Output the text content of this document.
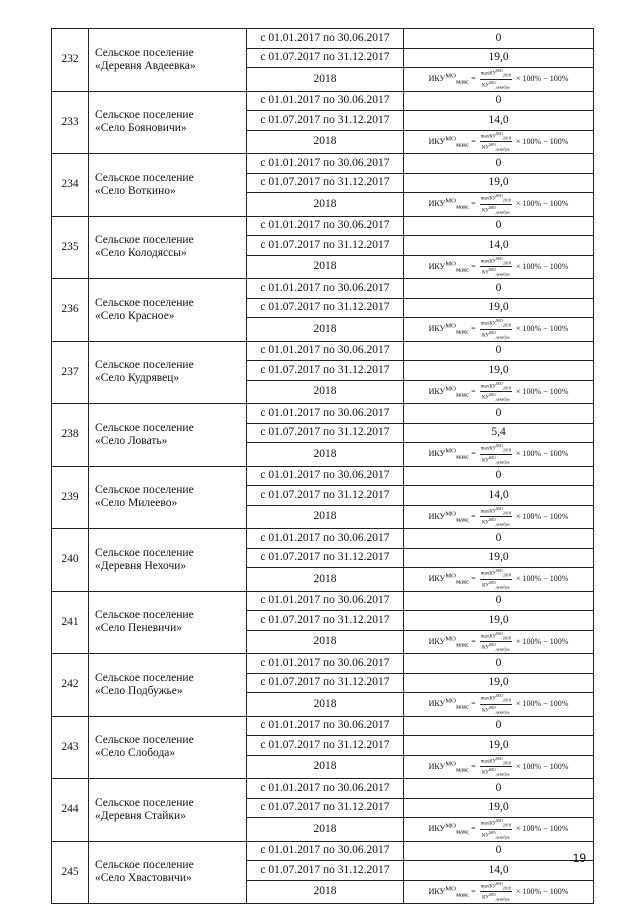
232	Сельское поселение
«Деревня Авдеевка»	с 01.01.2017 по 30.06.2017	0
		с 01.07.2017 по 31.12.2017	19,0
		2018	$ИКУ^{МО}_{макс} = \frac{\max КУ^{МО}_{2018}}{КУ^{МО}_{декабрь}} \times 100\% - 100\%$
233	Сельское поселение
«Село Бояновичи»	с 01.01.2017 по 30.06.2017	0
		с 01.07.2017 по 31.12.2017	14,0
		2018	$ИКУ^{МО}_{макс} = \frac{\max КУ^{МО}_{2018}}{КУ^{МО}_{декабрь}} \times 100\% - 100\%$
234	Сельское поселение
«Село Воткино»	с 01.01.2017 по 30.06.2017	0
		с 01.07.2017 по 31.12.2017	19,0
		2018	$ИКУ^{МО}_{макс} = \frac{\max КУ^{МО}_{2018}}{КУ^{МО}_{декабрь}} \times 100\% - 100\%$
235	Сельское поселение
«Село Колодяссы»	с 01.01.2017 по 30.06.2017	0
		с 01.07.2017 по 31.12.2017	14,0
		2018	$ИКУ^{МО}_{макс} = \frac{\max КУ^{МО}_{2018}}{КУ^{МО}_{декабрь}} \times 100\% - 100\%$
236	Сельское поселение
«Село Красное»	с 01.01.2017 по 30.06.2017	0
		с 01.07.2017 по 31.12.2017	19,0
		2018	$ИКУ^{МО}_{макс} = \frac{\max КУ^{МО}_{2018}}{КУ^{МО}_{декабрь}} \times 100\% - 100\%$
237	Сельское поселение
«Село Кудрявец»	с 01.01.2017 по 30.06.2017	0
		с 01.07.2017 по 31.12.2017	19,0
		2018	$ИКУ^{МО}_{макс} = \frac{\max КУ^{МО}_{2018}}{КУ^{МО}_{декабрь}} \times 100\% - 100\%$
238	Сельское поселение
«Село Ловать»	с 01.01.2017 по 30.06.2017	0
		с 01.07.2017 по 31.12.2017	5,4
		2018	$ИКУ^{МО}_{макс} = \frac{\max КУ^{МО}_{2018}}{КУ^{МО}_{декабрь}} \times 100\% - 100\%$
239	Сельское поселение
«Село Милеево»	с 01.01.2017 по 30.06.2017	0
		с 01.07.2017 по 31.12.2017	14,0
		2018	$ИКУ^{МО}_{макс} = \frac{\max КУ^{МО}_{2018}}{КУ^{МО}_{декабрь}} \times 100\% - 100\%$
240	Сельское поселение
«Деревня Нехочи»	с 01.01.2017 по 30.06.2017	0
		с 01.07.2017 по 31.12.2017	19,0
		2018	$ИКУ^{МО}_{макс} = \frac{\max КУ^{МО}_{2018}}{КУ^{МО}_{декабрь}} \times 100\% - 100\%$
241	Сельское поселение
«Село Пеневичи»	с 01.01.2017 по 30.06.2017	0
		с 01.07.2017 по 31.12.2017	19,0
		2018	$ИКУ^{МО}_{макс} = \frac{\max КУ^{МО}_{2018}}{КУ^{МО}_{декабрь}} \times 100\% - 100\%$
242	Сельское поселение
«Село Подбужье»	с 01.01.2017 по 30.06.2017	0
		с 01.07.2017 по 31.12.2017	19,0
		2018	$ИКУ^{МО}_{макс} = \frac{\max КУ^{МО}_{2018}}{КУ^{МО}_{декабрь}} \times 100\% - 100\%$
243	Сельское поселение
«Село Слобода»	с 01.01.2017 по 30.06.2017	0
		с 01.07.2017 по 31.12.2017	19,0
		2018	$ИКУ^{МО}_{макс} = \frac{\max КУ^{МО}_{2018}}{КУ^{МО}_{декабрь}} \times 100\% - 100\%$
244	Сельское поселение
«Деревня Стайки»	с 01.01.2017 по 30.06.2017	0
		с 01.07.2017 по 31.12.2017	19,0
		2018	$ИКУ^{МО}_{макс} = \frac{\max КУ^{МО}_{2018}}{КУ^{МО}_{декабрь}} \times 100\% - 100\%$
245	Сельское поселение
«Село Хвастовичи»	с 01.01.2017 по 30.06.2017	0
		с 01.07.2017 по 31.12.2017	14,0
		2018	$ИКУ^{МО}_{макс} = \frac{\max КУ^{МО}_{2018}}{КУ^{МО}_{декабрь}} \times 100\% - 100\%$
19
